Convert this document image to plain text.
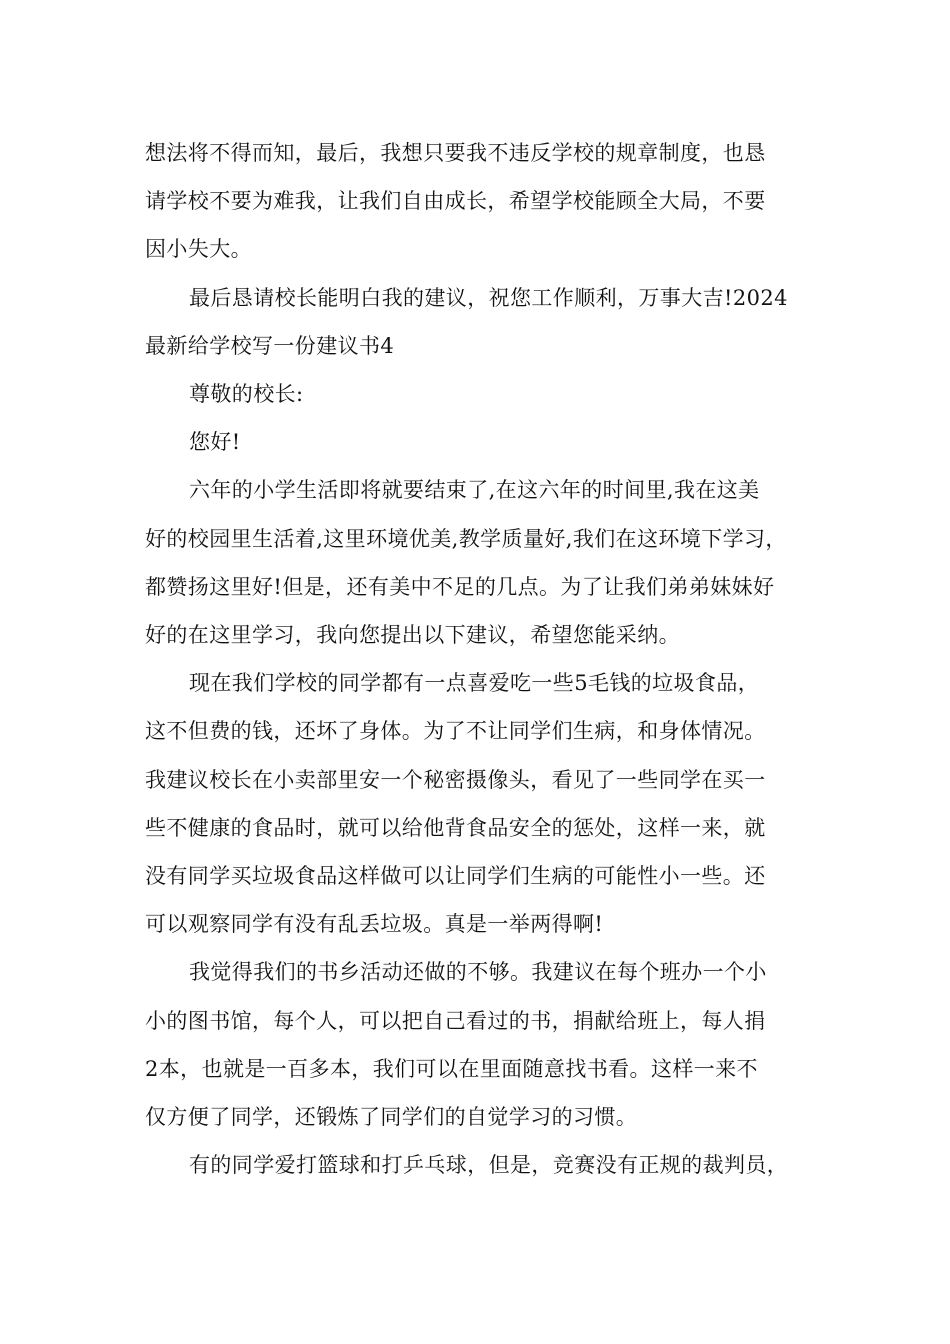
想法将不得而知，最后，我想只要我不违反学校的规章制度，也恳
请学校不要为难我，让我们自由成长，希望学校能顾全大局，不要
因小失大。

最后恳请校长能明白我的建议，祝您工作顺利，万事大吉!2024
最新给学校写一份建议书4

尊敬的校长:

您好!

六年的小学生活即将就要结束了,在这六年的时间里,我在这美
好的校园里生活着,这里环境优美,教学质量好,我们在这环境下学习，
都赞扬这里好!但是，还有美中不足的几点。为了让我们弟弟妹妹好
好的在这里学习，我向您提出以下建议，希望您能采纳。

现在我们学校的同学都有一点喜爱吃一些5毛钱的垃圾食品，
这不但费的钱，还坏了身体。为了不让同学们生病，和身体情况。
我建议校长在小卖部里安一个秘密摄像头，看见了一些同学在买一
些不健康的食品时，就可以给他背食品安全的惩处，这样一来，就
没有同学买垃圾食品这样做可以让同学们生病的可能性小一些。还
可以观察同学有没有乱丢垃圾。真是一举两得啊!

我觉得我们的书乡活动还做的不够。我建议在每个班办一个小
小的图书馆，每个人，可以把自己看过的书，捐献给班上，每人捐
2本，也就是一百多本，我们可以在里面随意找书看。这样一来不
仅方便了同学，还锻炼了同学们的自觉学习的习惯。

有的同学爱打篮球和打乒乓球，但是，竞赛没有正规的裁判员，
